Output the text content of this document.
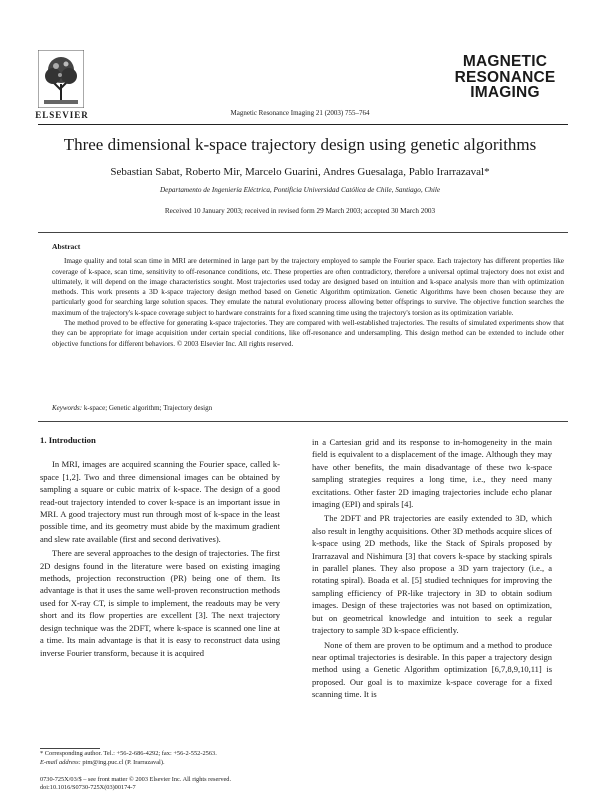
ELSEVIER	Magnetic Resonance Imaging 21 (2003) 755–764
MAGNETIC
RESONANCE
IMAGING
Three dimensional k-space trajectory design using genetic algorithms
Sebastian Sabat, Roberto Mir, Marcelo Guarini, Andres Guesalaga, Pablo Irarrazaval*
Departamento de Ingeniería Eléctrica, Pontificia Universidad Católica de Chile, Santiago, Chile
Received 10 January 2003; received in revised form 29 March 2003; accepted 30 March 2003
Abstract

Image quality and total scan time in MRI are determined in large part by the trajectory employed to sample the Fourier space. Each trajectory has different properties like coverage of k-space, scan time, sensitivity to off-resonance conditions, etc. These properties are often contradictory, therefore a universal optimal trajectory does not exist and ultimately, it will depend on the image characteristics sought. Most trajectories used today are designed based on intuition and k-space analysis more than with optimization methods. This work presents a 3D k-space trajectory design method based on Genetic Algorithm optimization. Genetic Algorithms have been chosen because they are particularly good for searching large solution spaces. They emulate the natural evolutionary process allowing better offsprings to survive. The objective function searches the maximum of the trajectory's k-space coverage subject to hardware constraints for a fixed scanning time using the trajectory's torsion as its optimization variable.

The method proved to be effective for generating k-space trajectories. They are compared with well-established trajectories. The results of simulated experiments show that they can be appropriate for image acquisition under certain special conditions, like off-resonance and undersampling. This design method can be extended to include other objective functions for different behaviors. © 2003 Elsevier Inc. All rights reserved.

Keywords: k-space; Genetic algorithm; Trajectory design
1. Introduction

In MRI, images are acquired scanning the Fourier space, called k-space [1,2]. Two and three dimensional images can be obtained by sampling a square or cubic matrix of k-space. The design of a good read-out trajectory intended to cover k-space is an important issue in MRI. A good trajectory must run through most of k-space in the least possible time, and its geometry must abide by the maximum gradient and slew rate available (first and second derivatives).

There are several approaches to the design of trajectories. The first 2D designs found in the literature were based on existing imaging methods, projection reconstruction (PR) being one of them. Its advantage is that it uses the same well-proven reconstruction methods used for X-ray CT, is simple to implement, the readouts may be very short and its flow properties are excellent [3]. The next trajectory design technique was the 2DFT, where k-space is scanned one line at a time. Its main advantage is that it is easy to reconstruct data using inverse Fourier transform, because it is acquired

in a Cartesian grid and its response to in-homogeneity in the main field is equivalent to a displacement of the image. Although they may have other benefits, the main disadvantage of these two k-space sampling strategies requires a long time, i.e., they need many excitations. Other faster 2D imaging trajectories include echo planar imaging (EPI) and spirals [4].

The 2DFT and PR trajectories are easily extended to 3D, which also result in lengthy acquisitions. Other 3D methods acquire slices of k-space using 2D methods, like the Stack of Spirals proposed by Irarrazaval and Nishimura [3] that covers k-space by stacking spirals in parallel planes. They also propose a 3D yarn trajectory (i.e., a rotating spiral). Boada et al. [5] studied techniques for improving the sampling efficiency of PR-like trajectory in 3D to obtain sodium images. Design of these trajectories was not based on optimization, but on geometrical knowledge and intuition to seek a regular trajectory to sample 3D k-space efficiently.

None of them are proven to be optimum and a method to produce near optimal trajectories is desirable. In this paper a trajectory design method using a Genetic Algorithm optimization [6,7,8,9,10,11] is proposed. Our goal is to maximize k-space coverage for a fixed scanning time. It is

* Corresponding author. Tel.: +56-2-686-4292; fax: +56-2-552-2563.
E-mail address: pim@ing.puc.cl (P. Irarrazaval).
0730-725X/03/$ – see front matter © 2003 Elsevier Inc. All rights reserved.
doi:10.1016/S0730-725X(03)00174-7
